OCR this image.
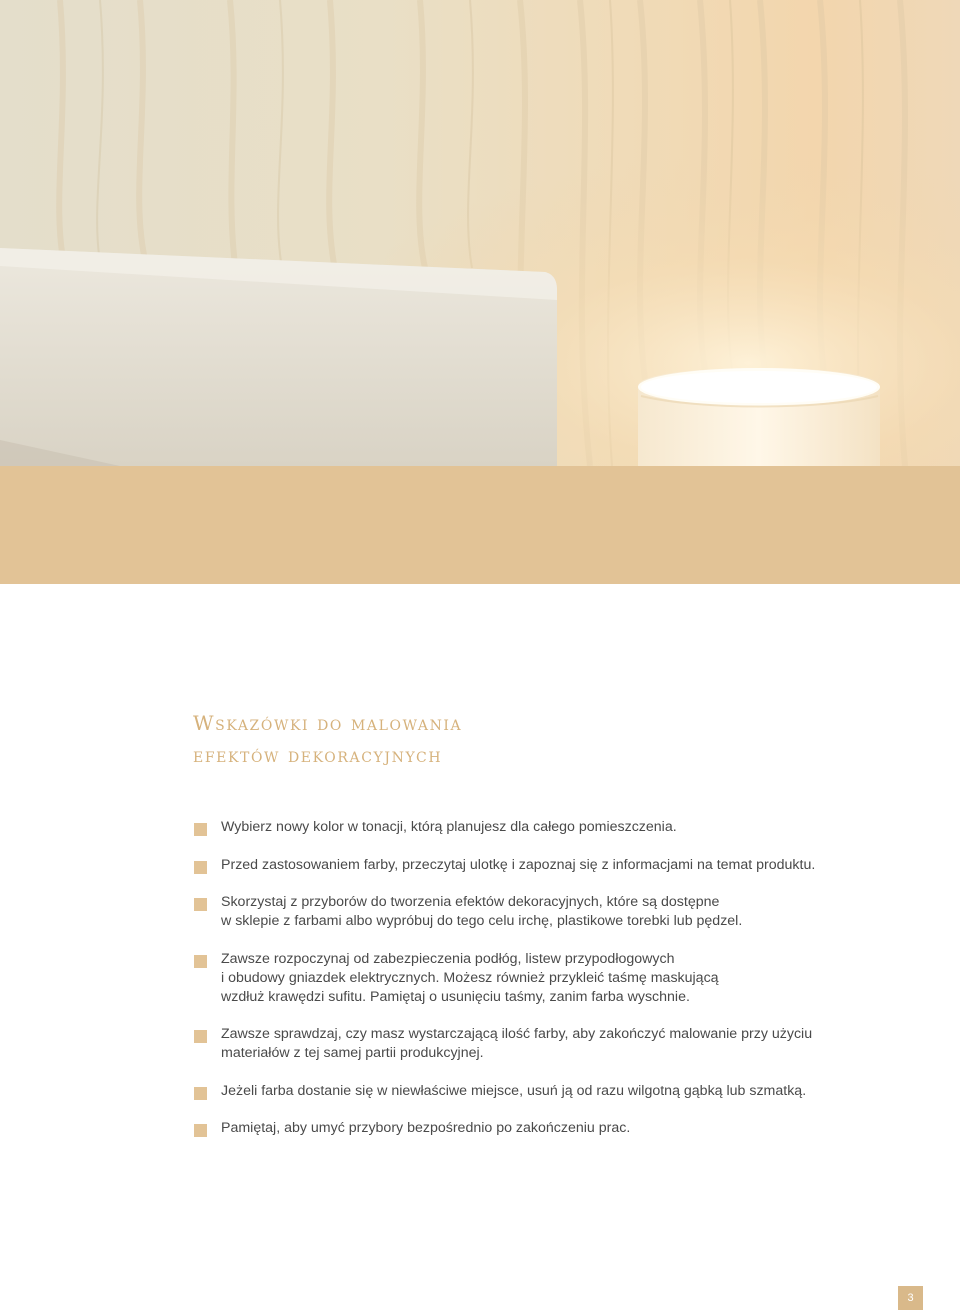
Wskazówki do malowania
efektów dekoracyjnych
Wybierz nowy kolor w tonacji, którą planujesz dla całego pomieszczenia.
Przed zastosowaniem farby, przeczytaj ulotkę i zapoznaj się z informacjami na temat produktu.
Skorzystaj z przyborów do tworzenia efektów dekoracyjnych, które są dostępne
w sklepie z farbami albo wypróbuj do tego celu irchę, plastikowe torebki lub pędzel.
Zawsze rozpoczynaj od zabezpieczenia podłóg, listew przypodłogowych
i obudowy gniazdek elektrycznych. Możesz również przykleić taśmę maskującą
wzdłuż krawędzi sufitu. Pamiętaj o usunięciu taśmy, zanim farba wyschnie.
Zawsze sprawdzaj, czy masz wystarczającą ilość farby, aby zakończyć malowanie przy użyciu
materiałów z tej samej partii produkcyjnej.
Jeżeli farba dostanie się w niewłaściwe miejsce, usuń ją od razu wilgotną gąbką lub szmatką.
Pamiętaj, aby umyć przybory bezpośrednio po zakończeniu prac.
3
